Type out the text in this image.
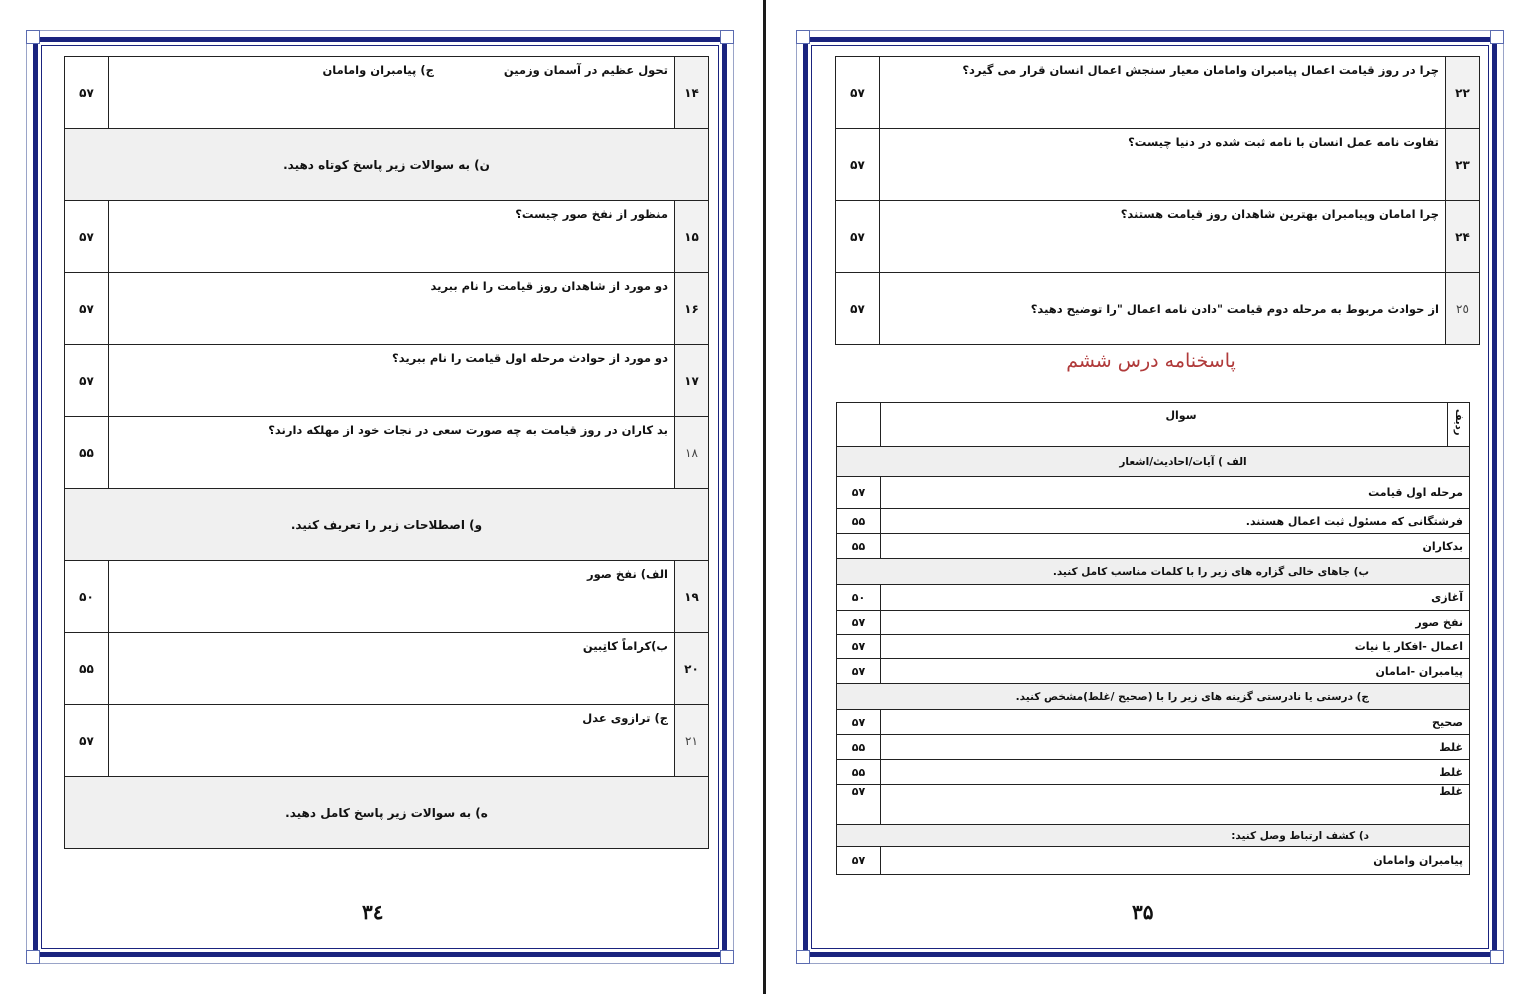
۱۴	تحول عظیم در آسمان وزمینج) پیامبران وامامان	۵۷
ن) به سوالات زیر پاسخ کوتاه دهید.		
۱۵	منظور از نفخ صور چیست؟	۵۷
۱۶	دو مورد از شاهدان روز قیامت را نام ببرید	۵۷
۱۷	دو مورد از حوادث مرحله اول قیامت را نام ببرید؟	۵۷
١٨	بد کاران در روز قیامت به چه صورت سعی در نجات خود از مهلکه دارند؟	۵۵
و) اصطلاحات زیر را تعریف کنید.		
۱۹	الف) نفخ صور	۵۰
۲۰	ب)کراماً کاتِبین	۵۵
٢١	ج) ترازوی عدل	۵۷
ه) به سوالات زیر پاسخ کامل دهید.		
٣٤
۲۲	چرا در روز قیامت اعمال پیامبران وامامان معیار سنجش اعمال انسان قرار می گیرد؟	۵۷
۲۳	تفاوت نامه عمل انسان با نامه ثبت شده در دنیا چیست؟	۵۷
۲۴	چرا امامان وپیامبران بهترین شاهدان روز قیامت هستند؟	۵۷
٢٥	از حوادث مربوط به مرحله دوم قیامت "دادن نامه اعمال "را توضیح دهید؟	۵۷
پاسخنامه درس ششم
ردیف	سوال	
الف ) آیات/احادیث/اشعار		
مرحله اول قیامت		۵۷
فرشتگانی که مسئول ثبت اعمال هستند.		۵۵
بدکاران		۵۵
ب) جاهای خالی گزاره های زیر را با کلمات مناسب کامل کنید.		
آغازی		۵۰
نفخ صور		۵۷
اعمال -افکار یا نیات		۵۷
پیامبران -امامان		۵۷
ج) درستی یا نادرستی گزینه های زیر را با (صحیح /غلط)مشخص کنید.		
صحیح		۵۷
غلط		۵۵
غلط		۵۵
غلط		۵۷
د) کشف ارتباط وصل کنید:		
پیامبران وامامان		۵۷
٣۵
